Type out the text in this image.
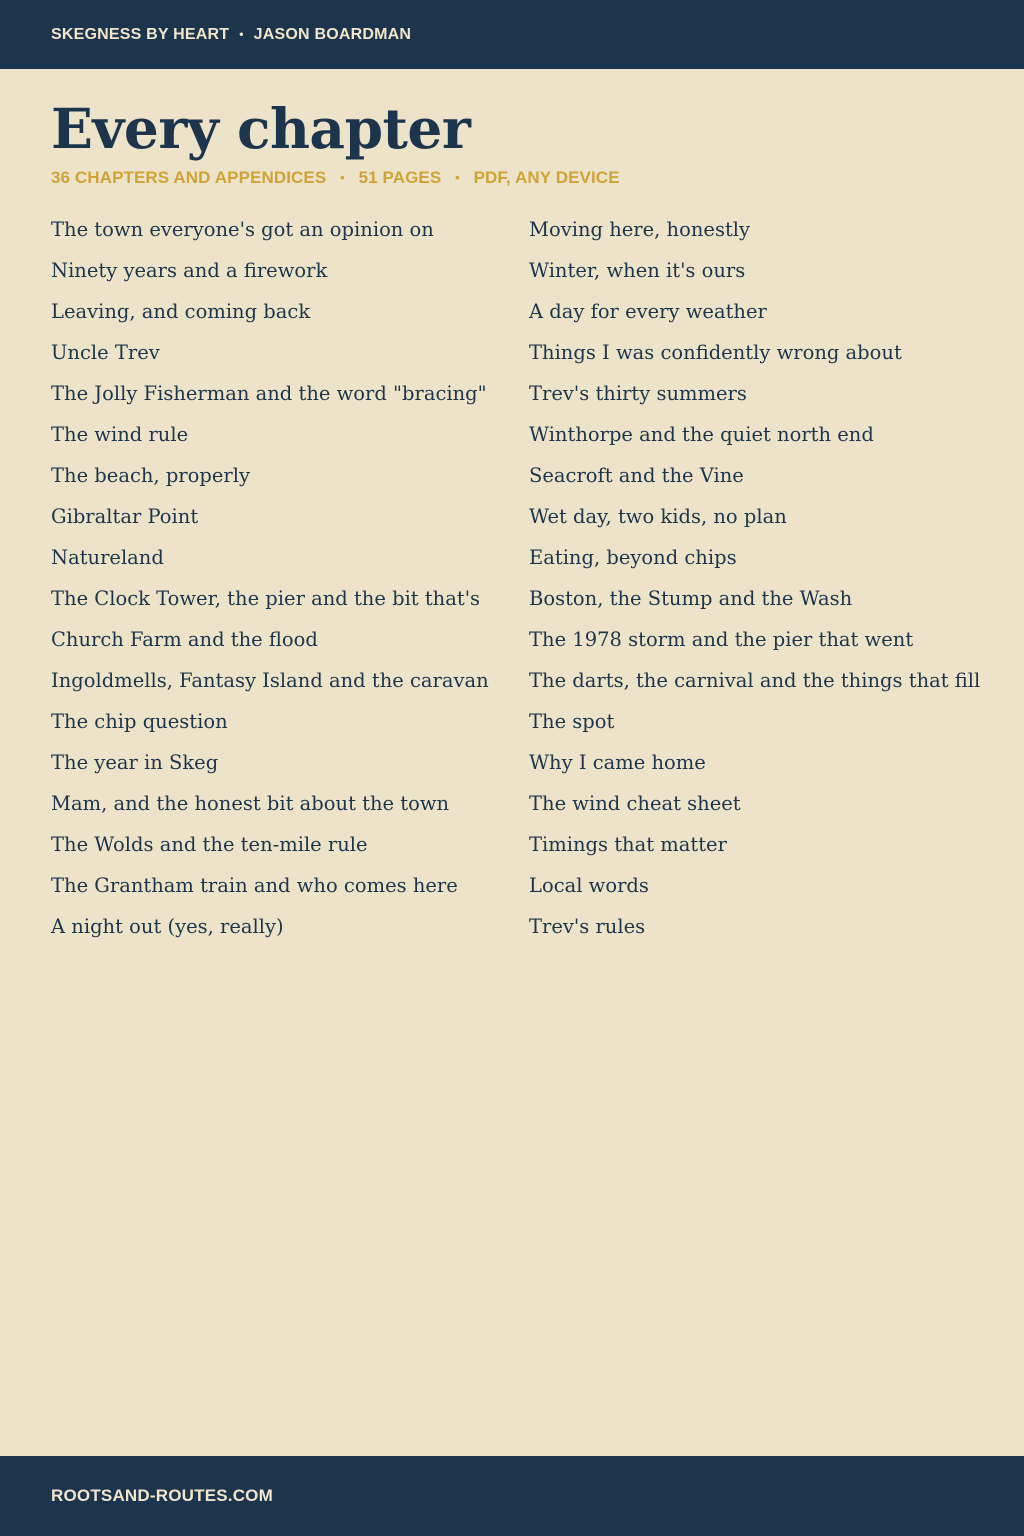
SKEGNESS BY HEART • JASON BOARDMAN
Every chapter
36 CHAPTERS AND APPENDICES • 51 PAGES • PDF, ANY DEVICE
The town everyone's got an opinion on
Ninety years and a firework
Leaving, and coming back
Uncle Trev
The Jolly Fisherman and the word "bracing"
The wind rule
The beach, properly
Gibraltar Point
Natureland
The Clock Tower, the pier and the bit that's
Church Farm and the flood
Ingoldmells, Fantasy Island and the caravan
The chip question
The year in Skeg
Mam, and the honest bit about the town
The Wolds and the ten-mile rule
The Grantham train and who comes here
A night out (yes, really)
Moving here, honestly
Winter, when it's ours
A day for every weather
Things I was confidently wrong about
Trev's thirty summers
Winthorpe and the quiet north end
Seacroft and the Vine
Wet day, two kids, no plan
Eating, beyond chips
Boston, the Stump and the Wash
The 1978 storm and the pier that went
The darts, the carnival and the things that fill
The spot
Why I came home
The wind cheat sheet
Timings that matter
Local words
Trev's rules
ROOTSAND-ROUTES.COM
